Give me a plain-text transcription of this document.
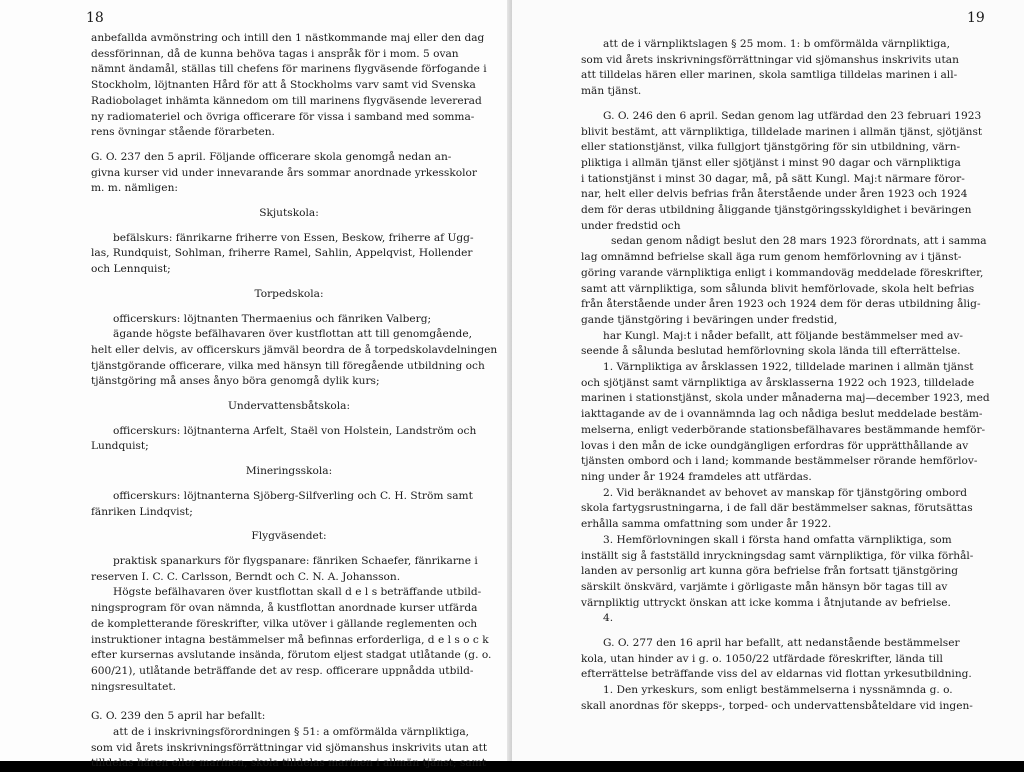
18

anbefallda avmönstring och intill den 1 nästkommande maj eller den dag

dessförinnan, då de kunna behöva tagas i anspråk för i mom. 5 ovan

nämnt ändamål, ställas till chefens för marinens flygväsende förfogande i

Stockholm, löjtnanten Hård för att å Stockholms varv samt vid Svenska

Radiobolaget inhämta kännedom om till marinens flygväsende levererad

ny radiomateriel och övriga officerare för vissa i samband med somma-

rens övningar stående förarbeten.

G. O. 237 den 5 april. Följande officerare skola genomgå nedan an-

givna kurser vid under innevarande års sommar anordnade yrkesskolor

m. m. nämligen:

Skjutskola:

befälskurs: fänrikarne friherre von Essen, Beskow, friherre af Ugg-

las, Rundquist, Sohlman, friherre Ramel, Sahlin, Appelqvist, Hollender

och Lennquist;

Torpedskola:

officerskurs: löjtnanten Thermaenius och fänriken Valberg;

ägande högste befälhavaren över kustflottan att till genomgående,

helt eller delvis, av officerskurs jämväl beordra de å torpedskolavdelningen

tjänstgörande officerare, vilka med hänsyn till föregående utbildning och

tjänstgöring må anses ånyo böra genomgå dylik kurs;

Undervattensbåtskola:

officerskurs: löjtnanterna Arfelt, Staël von Holstein, Landström och

Lundquist;

Mineringsskola:

officerskurs: löjtnanterna Sjöberg-Silfverling och C. H. Ström samt

fänriken Lindqvist;

Flygväsendet:

praktisk spanarkurs för flygspanare: fänriken Schaefer, fänrikarne i

reserven I. C. C. Carlsson, Berndt och C. N. A. Johansson.

Högste befälhavaren över kustflottan skall d e l s beträffande utbild-

ningsprogram för ovan nämnda, å kustflottan anordnade kurser utfärda

de kompletterande föreskrifter, vilka utöver i gällande reglementen och

instruktioner intagna bestämmelser må befinnas erforderliga, d e l s o c k

efter kursernas avslutande insända, förutom eljest stadgat utlåtande (g. o.

600/21), utlåtande beträffande det av resp. officerare uppnådda utbild-

ningsresultatet.

G. O. 239 den 5 april har befallt:

att de i inskrivningsförordningen § 51: a omförmälda värnpliktiga,

som vid årets inskrivningsförrättningar vid sjömanshus inskrivits utan att

tilldelas hären eller marinen, skola tilldelas marinen i allmän tjänst; samt

19

att de i värnpliktslagen § 25 mom. 1: b omförmälda värnpliktiga,

som vid årets inskrivningsförrättningar vid sjömanshus inskrivits utan

att tilldelas hären eller marinen, skola samtliga tilldelas marinen i all-

män tjänst.

G. O. 246 den 6 april. Sedan genom lag utfärdad den 23 februari 1923

blivit bestämt, att värnpliktiga, tilldelade marinen i allmän tjänst, sjötjänst

eller stationstjänst, vilka fullgjort tjänstgöring för sin utbildning, värn-

pliktiga i allmän tjänst eller sjötjänst i minst 90 dagar och värnpliktiga

i tationstjänst i minst 30 dagar, må, på sätt Kungl. Maj:t närmare föror-

nar, helt eller delvis befrias från återstående under åren 1923 och 1924

dem för deras utbildning åliggande tjänstgöringsskyldighet i beväringen

under fredstid och

sedan genom nådigt beslut den 28 mars 1923 förordnats, att i samma

lag omnämnd befrielse skall äga rum genom hemförlovning av i tjänst-

göring varande värnpliktiga enligt i kommandoväg meddelade föreskrifter,

samt att värnpliktiga, som sålunda blivit hemförlovade, skola helt befrias

från återstående under åren 1923 och 1924 dem för deras utbildning ålig-

gande tjänstgöring i beväringen under fredstid,

har Kungl. Maj:t i nåder befallt, att följande bestämmelser med av-

seende å sålunda beslutad hemförlovning skola lända till efterrättelse.

1. Värnpliktiga av årsklassen 1922, tilldelade marinen i allmän tjänst

och sjötjänst samt värnpliktiga av årsklasserna 1922 och 1923, tilldelade

marinen i stationstjänst, skola under månaderna maj—december 1923, med

iakttagande av de i ovannämnda lag och nådiga beslut meddelade bestäm-

melserna, enligt vederbörande stationsbefälhavares bestämmande hemför-

lovas i den mån de icke oundgängligen erfordras för upprätthållande av

tjänsten ombord och i land; kommande bestämmelser rörande hemförlov-

ning under år 1924 framdeles att utfärdas.

2. Vid beräknandet av behovet av manskap för tjänstgöring ombord

skola fartygsrustningarna, i de fall där bestämmelser saknas, förutsättas

erhålla samma omfattning som under år 1922.

3. Hemförlovningen skall i första hand omfatta värnpliktiga, som

inställt sig å fastställd inryckningsdag samt värnpliktiga, för vilka förhål-

landen av personlig art kunna göra befrielse från fortsatt tjänstgöring

särskilt önskvärd, varjämte i görligaste mån hänsyn bör tagas till av

värnpliktig uttryckt önskan att icke komma i åtnjutande av befrielse.

4.

G. O. 277 den 16 april har befallt, att nedanstående bestämmelser

kola, utan hinder av i g. o. 1050/22 utfärdade föreskrifter, lända till

efterrättelse beträffande viss del av eldarnas vid flottan yrkesutbildning.

1. Den yrkeskurs, som enligt bestämmelserna i nyssnämnda g. o.

skall anordnas för skepps-, torped- och undervattensbåteldare vid ingen-
